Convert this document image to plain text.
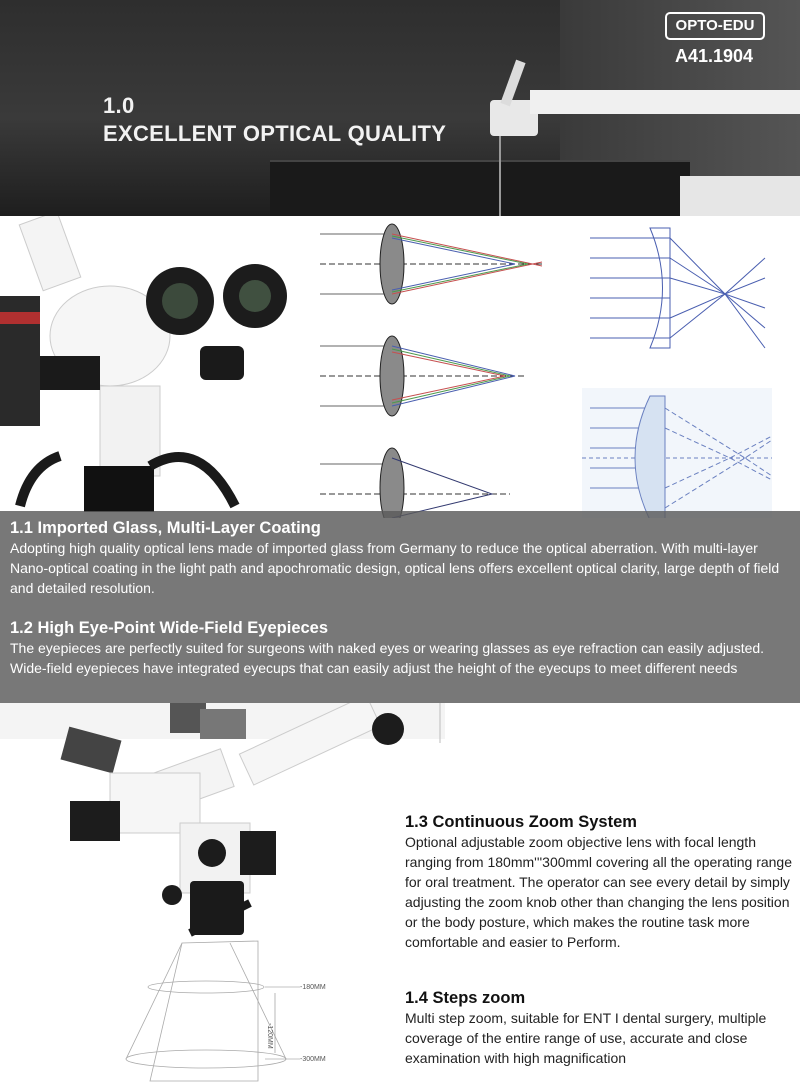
1.0
EXCELLENT OPTICAL QUALITY
OPTO-EDU
A41.1904
1.1 Imported Glass, Multi-Layer Coating

Adopting high quality optical lens made of imported glass from Germany to reduce the optical aberration. With multi-layer Nano-optical coating in the light path and apochromatic design, optical lens offers excellent optical clarity, large depth of field and detailed resolution.

1.2 High Eye-Point Wide-Field Eyepieces

The eyepieces are perfectly suited for surgeons with naked eyes or wearing glasses as eye refraction can easily adjusted. Wide-field eyepieces have integrated eyecups that can easily adjust the height of the eyecups to meet different needs

-180MM
-120MM
-300MM
1.3 Continuous Zoom System

Optional adjustable zoom objective lens with focal length ranging from 180mm'''300mml covering all the operating range for oral treatment. The operator can see every detail by simply adjusting the zoom knob other than changing the lens position or the body posture, which makes the routine task more comfortable and easier to Perform.

1.4 Steps zoom

Multi step zoom, suitable for ENT I dental surgery, multiple coverage of the entire range of use, accurate and close examination with high magnification
